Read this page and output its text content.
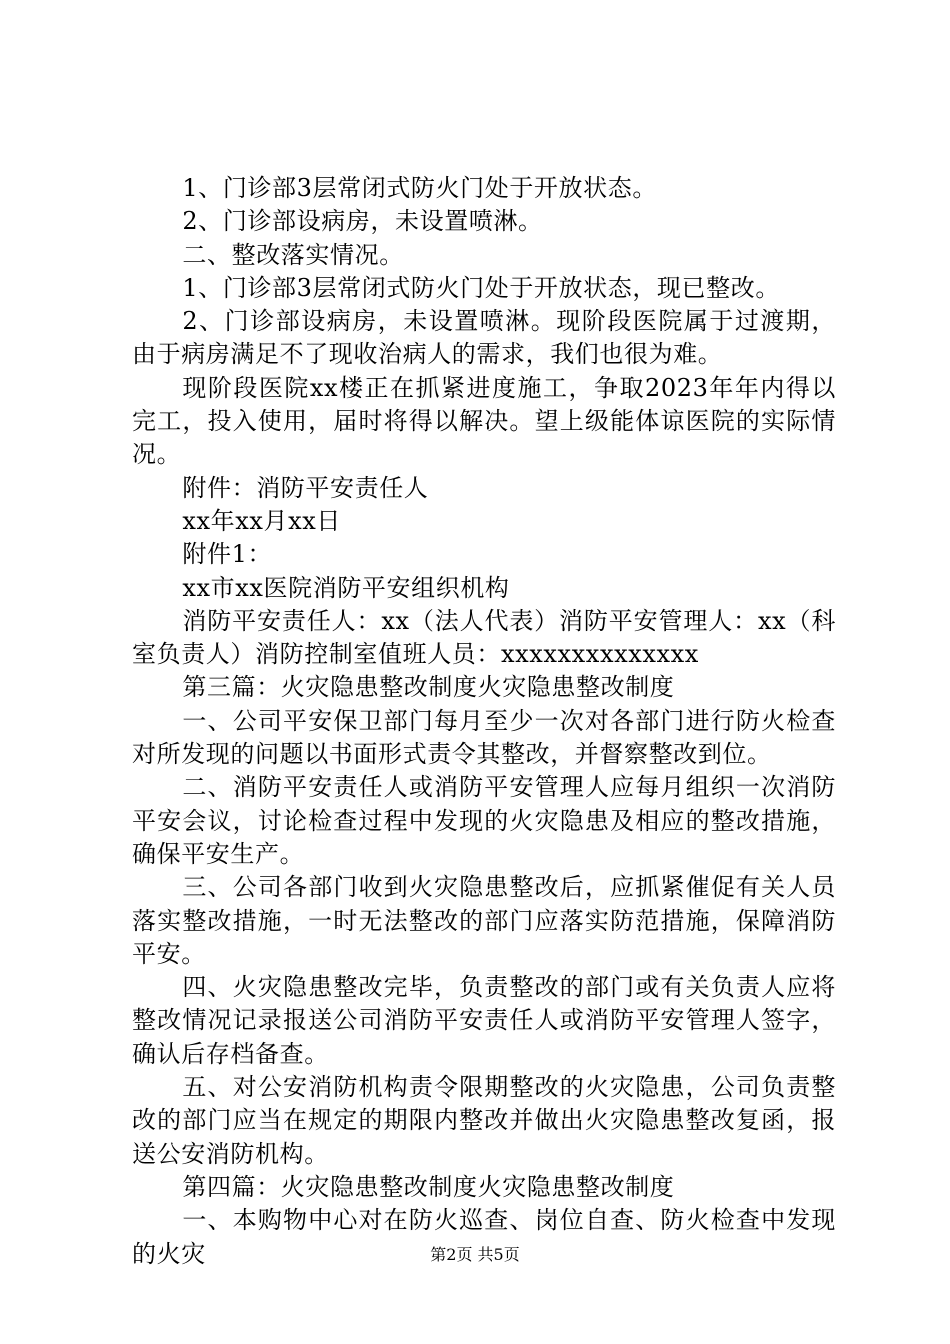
1、门诊部3层常闭式防火门处于开放状态。

2、门诊部设病房，未设置喷淋。

二、整改落实情况。

1、门诊部3层常闭式防火门处于开放状态，现已整改。

2、门诊部设病房，未设置喷淋。现阶段医院属于过渡期，由于病房满足不了现收治病人的需求，我们也很为难。

现阶段医院xx楼正在抓紧进度施工，争取2023年年内得以完工，投入使用，届时将得以解决。望上级能体谅医院的实际情况。

附件：消防平安责任人

xx年xx月xx日

附件1：

xx市xx医院消防平安组织机构

消防平安责任人：xx（法人代表）消防平安管理人：xx（科室负责人）消防控制室值班人员：xxxxxxxxxxxxxx

第三篇：火灾隐患整改制度火灾隐患整改制度

一、公司平安保卫部门每月至少一次对各部门进行防火检查对所发现的问题以书面形式责令其整改，并督察整改到位。

二、消防平安责任人或消防平安管理人应每月组织一次消防平安会议，讨论检查过程中发现的火灾隐患及相应的整改措施，确保平安生产。

三、公司各部门收到火灾隐患整改后，应抓紧催促有关人员落实整改措施，一时无法整改的部门应落实防范措施，保障消防平安。

四、火灾隐患整改完毕，负责整改的部门或有关负责人应将整改情况记录报送公司消防平安责任人或消防平安管理人签字，确认后存档备查。

五、对公安消防机构责令限期整改的火灾隐患，公司负责整改的部门应当在规定的期限内整改并做出火灾隐患整改复函，报送公安消防机构。

第四篇：火灾隐患整改制度火灾隐患整改制度

一、本购物中心对在防火巡查、岗位自查、防火检查中发现的火灾	第2页 共5页
